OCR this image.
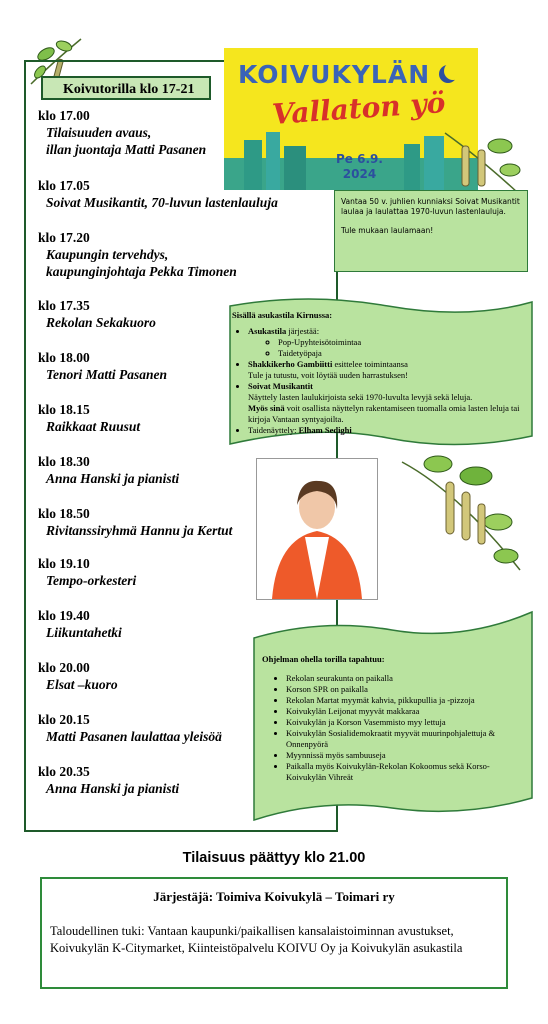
Koivutorilla klo 17-21
klo 17.00
Tilaisuuden avaus,
illan juontaja Matti Pasanen
klo 17.05
Soivat Musikantit, 70-luvun lastenlauluja
klo 17.20
Kaupungin tervehdys,
kaupunginjohtaja Pekka Timonen
klo 17.35
Rekolan Sekakuoro
klo 18.00
Tenori Matti Pasanen
klo 18.15
Raikkaat Ruusut
klo 18.30
Anna Hanski ja pianisti
klo 18.50
Rivitanssiryhmä Hannu ja Kertut
klo 19.10
Tempo-orkesteri
klo 19.40
Liikuntahetki
klo 20.00
Elsat –kuoro
klo 20.15
Matti Pasanen laulattaa yleisöä
klo 20.35
Anna Hanski ja pianisti
KOIVUKYLÄN
Vallaton yö
Pe 6.9.
2024
Vantaa 50 v. juhlien kunniaksi Soivat Musikantit laulaa ja laulattaa 1970-luvun lastenlauluja.
Tule mukaan laulamaan!
Sisällä asukastila Kirnussa:
• Asukastila järjestää:
◦ Pop-Upyhteisötoimintaa
◦ Taidetyöpaja
• Shakkikerho Gambiitti esittelee toimintaansa
Tule ja tutustu, voit löytää uuden harrastuksen!
• Soivat Musikantit
Näyttely lasten laulukirjoista sekä 1970-luvulta levyjä sekä leluja.
Myös sinä voit osallista näyttelyn rakentamiseen tuomalla omia lasten leluja tai kirjoja Vantaan syntyajoilta.
• Taidenäyttely: Elham Sedighi
Ohjelman ohella torilla tapahtuu:
• Rekolan seurakunta on paikalla
• Korson SPR on paikalla
• Rekolan Martat myymät kahvia, pikkupullia ja -pizzoja
• Koivukylän Leijonat myyvät makkaraa
• Koivukylän ja Korson Vasemmisto myy lettuja
• Koivukylän Sosialidemokraatit myyvät muurinpohjalettuja & Onnenpyörä
• Myynnissä myös sambuuseja
• Paikalla myös Koivukylän-Rekolan Kokoomus sekä Korso-Koivukylän Vihreät
Tilaisuus päättyy klo 21.00
Järjestäjä: Toimiva Koivukylä – Toimari ry
Taloudellinen tuki: Vantaan kaupunki/paikallisen kansalaistoiminnan avustukset, Koivukylän K-Citymarket, Kiinteistöpalvelu KOIVU Oy ja Koivukylän asukastila
